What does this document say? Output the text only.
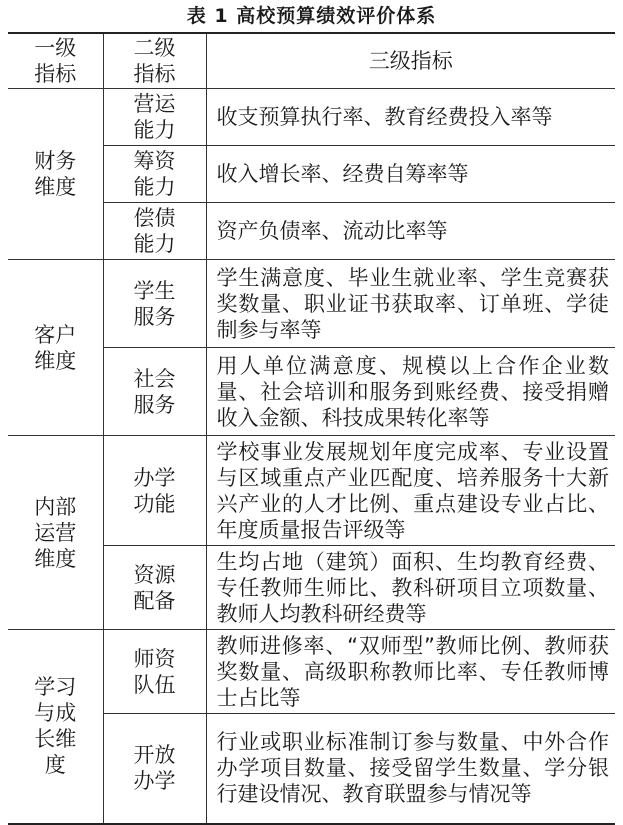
表 1 高校预算绩效评价体系
一级指标	二级指标	三级指标
财务维度	营运能力	收支预算执行率、教育经费投入率等
	筹资能力	收入增长率、经费自筹率等
	偿债能力	资产负债率、流动比率等
客户维度	学生服务	学生满意度、毕业生就业率、学生竞赛获奖数量、职业证书获取率、订单班、学徒制参与率等
	社会服务	用人单位满意度、规模以上合作企业数量、社会培训和服务到账经费、接受捐赠收入金额、科技成果转化率等
内部运营维度	办学功能	学校事业发展规划年度完成率、专业设置与区域重点产业匹配度、培养服务十大新兴产业的人才比例、重点建设专业占比、年度质量报告评级等
	资源配备	生均占地（建筑）面积、生均教育经费、专任教师生师比、教科研项目立项数量、教师人均教科研经费等
学习与成长维度	师资队伍	教师进修率、“双师型”教师比例、教师获奖数量、高级职称教师比率、专任教师博士占比等
	开放办学	行业或职业标准制订参与数量、中外合作办学项目数量、接受留学生数量、学分银行建设情况、教育联盟参与情况等
